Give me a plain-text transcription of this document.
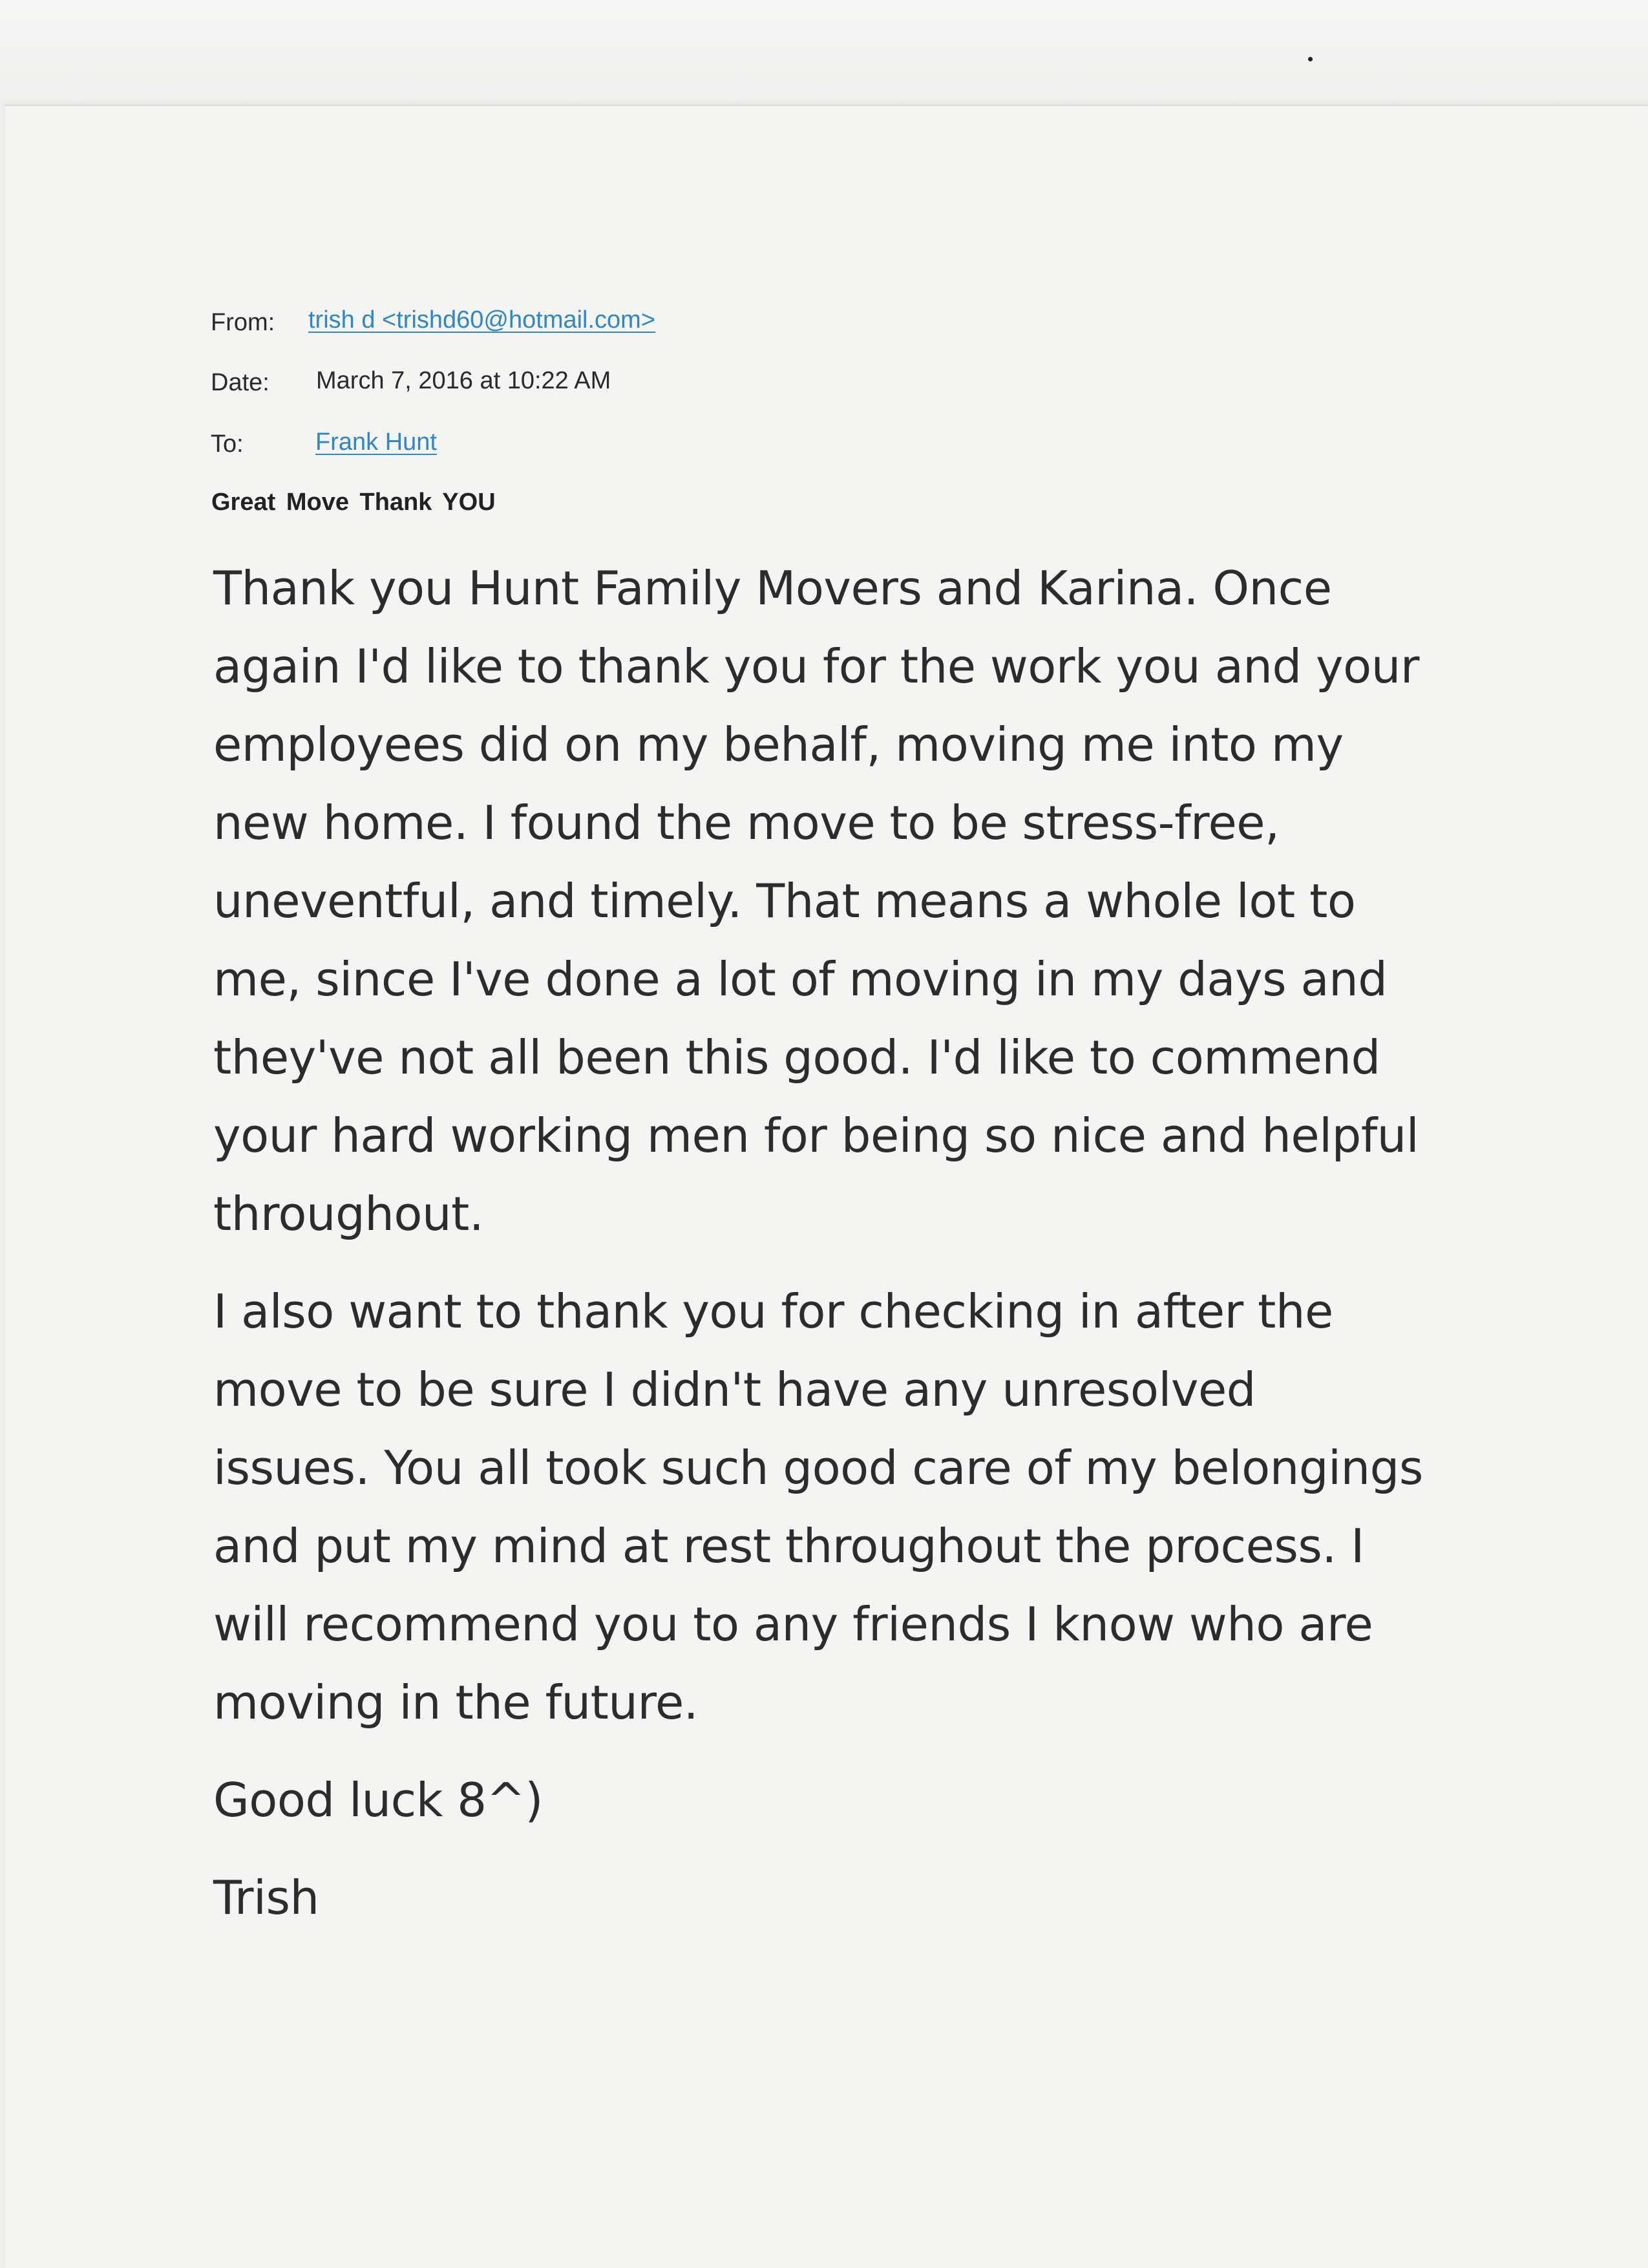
From: trish d <trishd60@hotmail.com>
Date: March 7, 2016 at 10:22 AM
To:	Frank Hunt
Great Move Thank YOU

Thank you Hunt Family Movers and Karina. Once
again I'd like to thank you for the work you and your
employees did on my behalf, moving me into my
new home. I found the move to be stress-free,
uneventful, and timely. That means a whole lot to
me, since I've done a lot of moving in my days and
they've not all been this good. I'd like to commend
your hard working men for being so nice and helpful
throughout.

I also want to thank you for checking in after the
move to be sure I didn't have any unresolved
issues. You all took such good care of my belongings
and put my mind at rest throughout the process. I
will recommend you to any friends I know who are
moving in the future.

Good luck 8^)

Trish
